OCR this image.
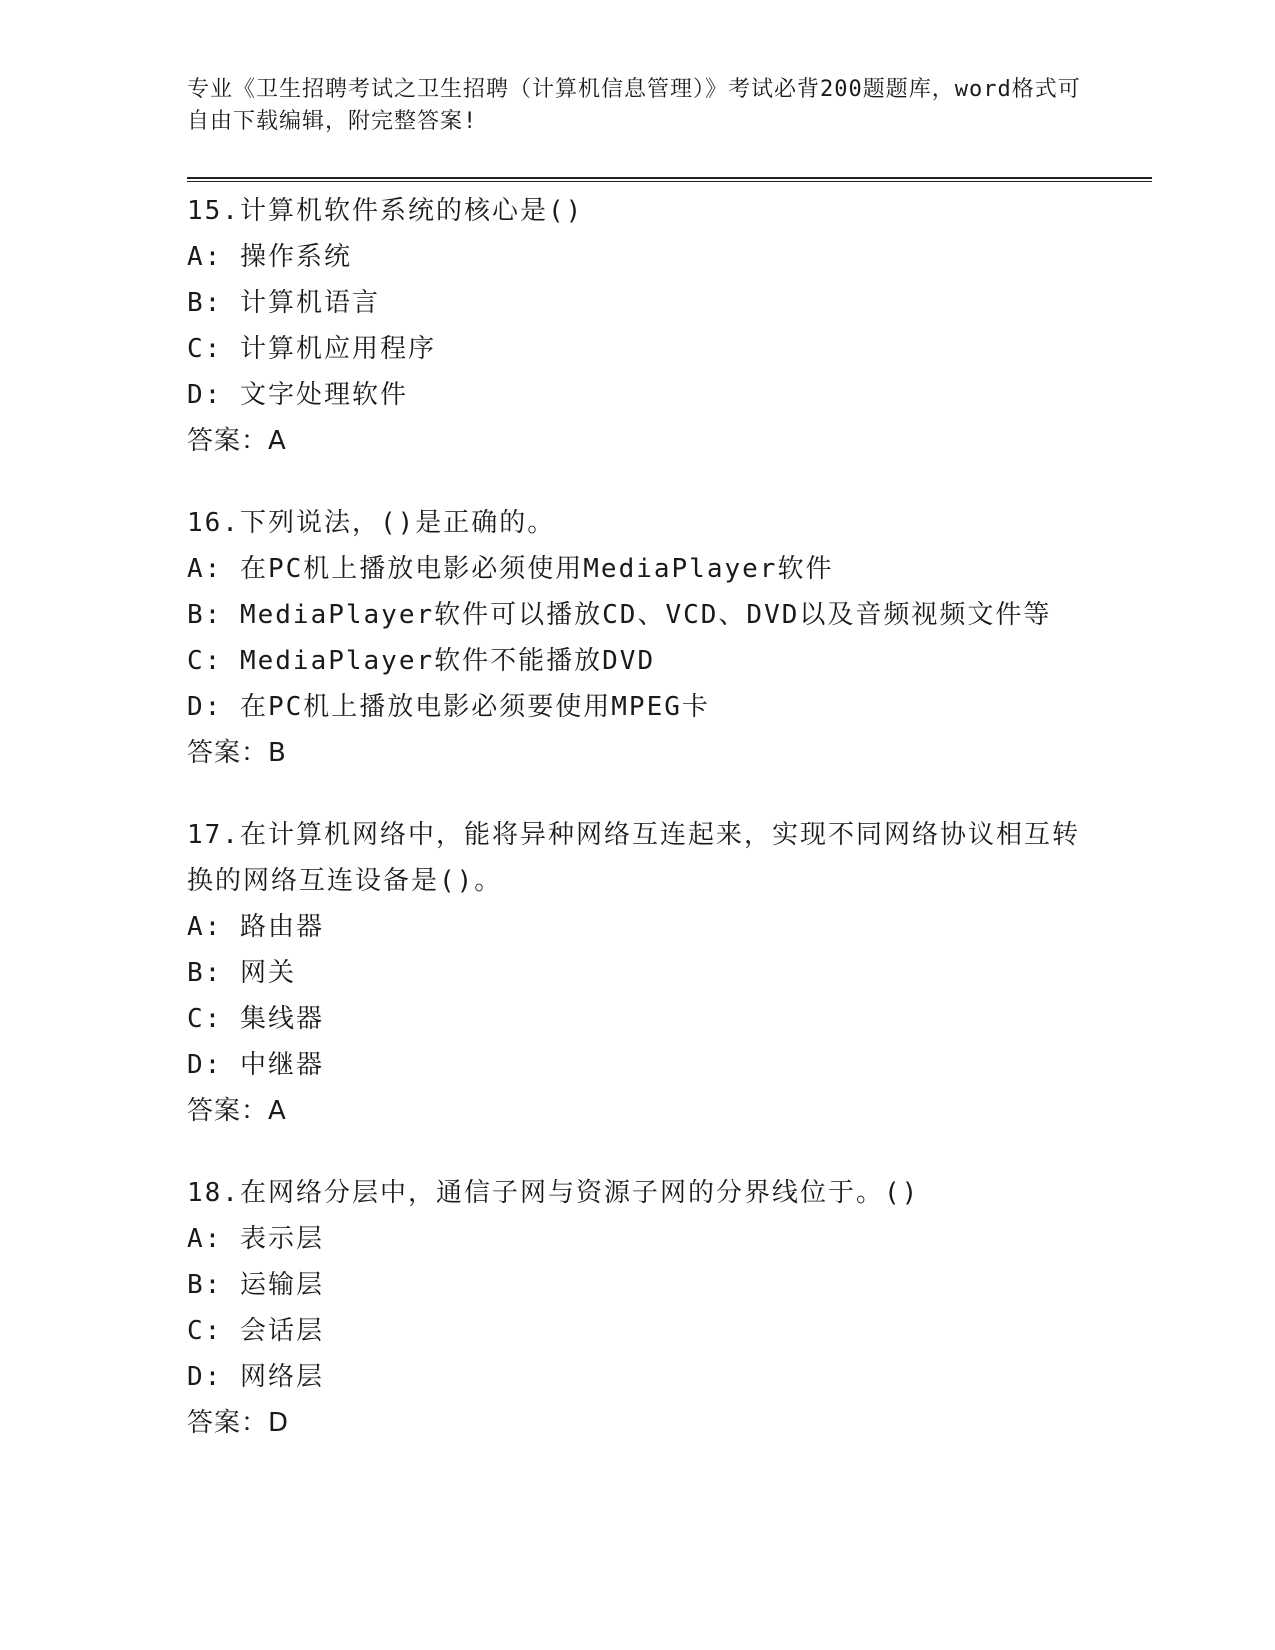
专业《卫生招聘考试之卫生招聘（计算机信息管理）》考试必背200题题库，word格式可自由下载编辑，附完整答案!

15.计算机软件系统的核心是()

A: 操作系统

B: 计算机语言

C: 计算机应用程序

D: 文字处理软件

答案：A

16.下列说法，()是正确的。

A: 在PC机上播放电影必须使用MediaPlayer软件

B: MediaPlayer软件可以播放CD、VCD、DVD以及音频视频文件等

C: MediaPlayer软件不能播放DVD

D: 在PC机上播放电影必须要使用MPEG卡

答案：B

17.在计算机网络中，能将异种网络互连起来，实现不同网络协议相互转换的网络互连设备是()。

A: 路由器

B: 网关

C: 集线器

D: 中继器

答案：A

18.在网络分层中，通信子网与资源子网的分界线位于。()

A: 表示层

B: 运输层

C: 会话层

D: 网络层

答案：D
